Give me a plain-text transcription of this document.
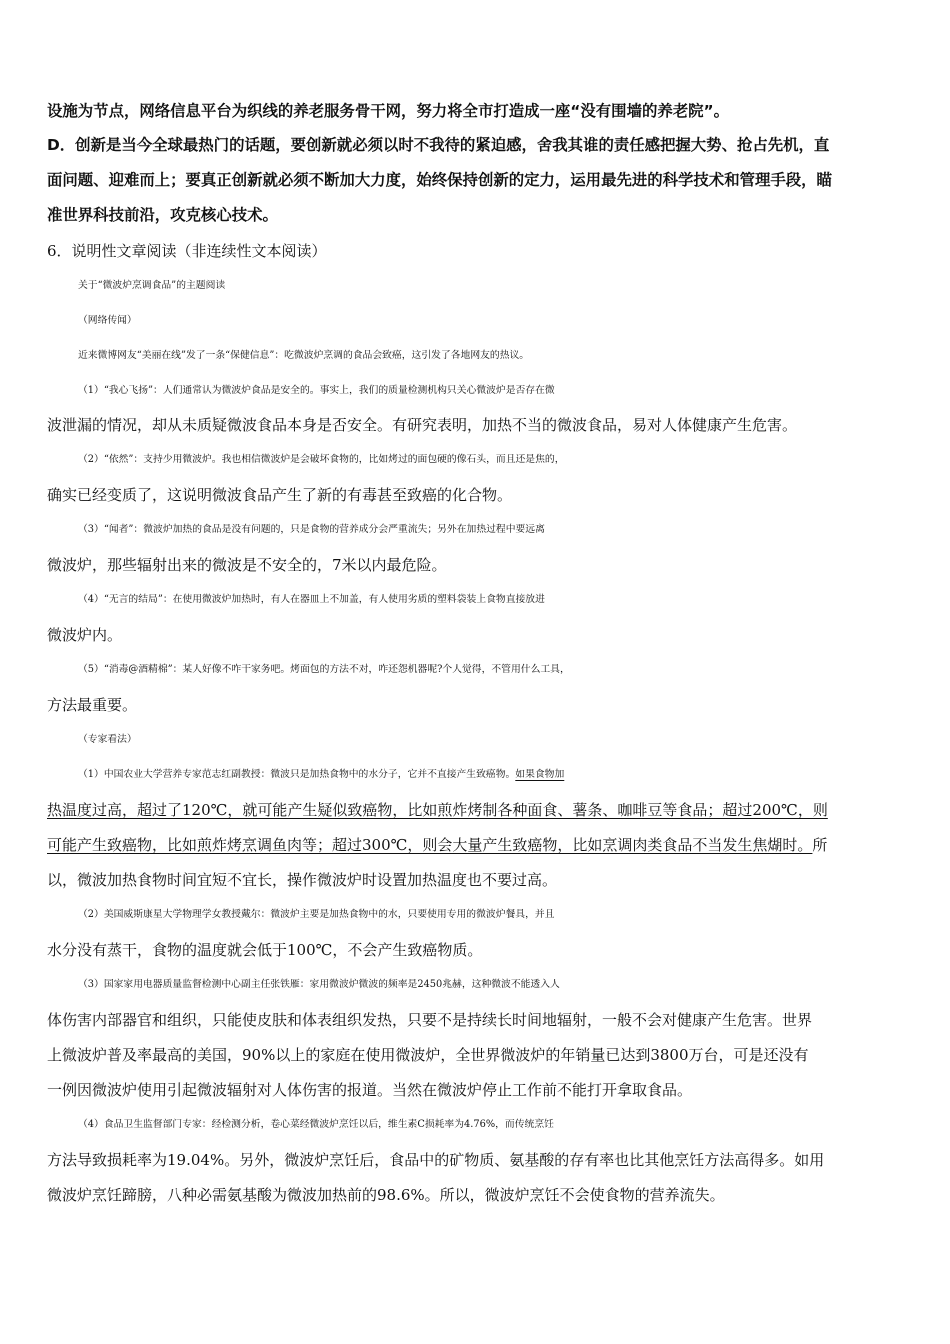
设施为节点，网络信息平台为织线的养老服务骨干网，努力将全市打造成一座“没有围墙的养老院”。
D．创新是当今全球最热门的话题，要创新就必须以时不我待的紧迫感，舍我其谁的责任感把握大势、抢占先机，直
面问题、迎难而上；要真正创新就必须不断加大力度，始终保持创新的定力，运用最先进的科学技术和管理手段，瞄
准世界科技前沿，攻克核心技术。
6．说明性文章阅读（非连续性文本阅读）
关于“微波炉烹调食品”的主题阅读
（网络传闻）
近来微博网友“美丽在线”发了一条“保健信息”：吃微波炉烹调的食品会致癌，这引发了各地网友的热议。
（1）“我心飞扬”：人们通常认为微波炉食品是安全的。事实上，我们的质量检测机构只关心微波炉是否存在微
波泄漏的情况，却从未质疑微波食品本身是否安全。有研究表明，加热不当的微波食品，易对人体健康产生危害。
（2）“依然”：支持少用微波炉。我也相信微波炉是会破坏食物的，比如烤过的面包硬的像石头，而且还是焦的，
确实已经变质了，这说明微波食品产生了新的有毒甚至致癌的化合物。
（3）“闻者”：微波炉加热的食品是没有问题的，只是食物的营养成分会严重流失；另外在加热过程中要远离
微波炉，那些辐射出来的微波是不安全的，7米以内最危险。
（4）“无言的结局”：在使用微波炉加热时，有人在器皿上不加盖，有人使用劣质的塑料袋装上食物直接放进
微波炉内。
（5）“消毒@酒精棉”：某人好像不咋干家务吧。烤面包的方法不对，咋还怨机器呢?个人觉得，不管用什么工具，
方法最重要。
（专家看法）
（1）中国农业大学营养专家范志红副教授：微波只是加热食物中的水分子，它并不直接产生致癌物。如果食物加
热温度过高，超过了120℃，就可能产生疑似致癌物，比如煎炸烤制各种面食、薯条、咖啡豆等食品；超过200℃，则
可能产生致癌物，比如煎炸烤烹调鱼肉等；超过300℃，则会大量产生致癌物，比如烹调肉类食品不当发生焦煳时。所
以，微波加热食物时间宜短不宜长，操作微波炉时设置加热温度也不要过高。
（2）美国威斯康星大学物理学女教授戴尔：微波炉主要是加热食物中的水，只要使用专用的微波炉餐具，并且
水分没有蒸干，食物的温度就会低于100℃，不会产生致癌物质。
（3）国家家用电器质量监督检测中心副主任张铁雁：家用微波炉微波的频率是2450兆赫，这种微波不能透入人
体伤害内部器官和组织，只能使皮肤和体表组织发热，只要不是持续长时间地辐射，一般不会对健康产生危害。世界
上微波炉普及率最高的美国，90%以上的家庭在使用微波炉，全世界微波炉的年销量已达到3800万台，可是还没有
一例因微波炉使用引起微波辐射对人体伤害的报道。当然在微波炉停止工作前不能打开拿取食品。
（4）食品卫生监督部门专家：经检测分析，卷心菜经微波炉烹饪以后，维生素C损耗率为4.76%，而传统烹饪
方法导致损耗率为19.04%。另外，微波炉烹饪后，食品中的矿物质、氨基酸的存有率也比其他烹饪方法高得多。如用
微波炉烹饪蹄膀，八种必需氨基酸为微波加热前的98.6%。所以，微波炉烹饪不会使食物的营养流失。
